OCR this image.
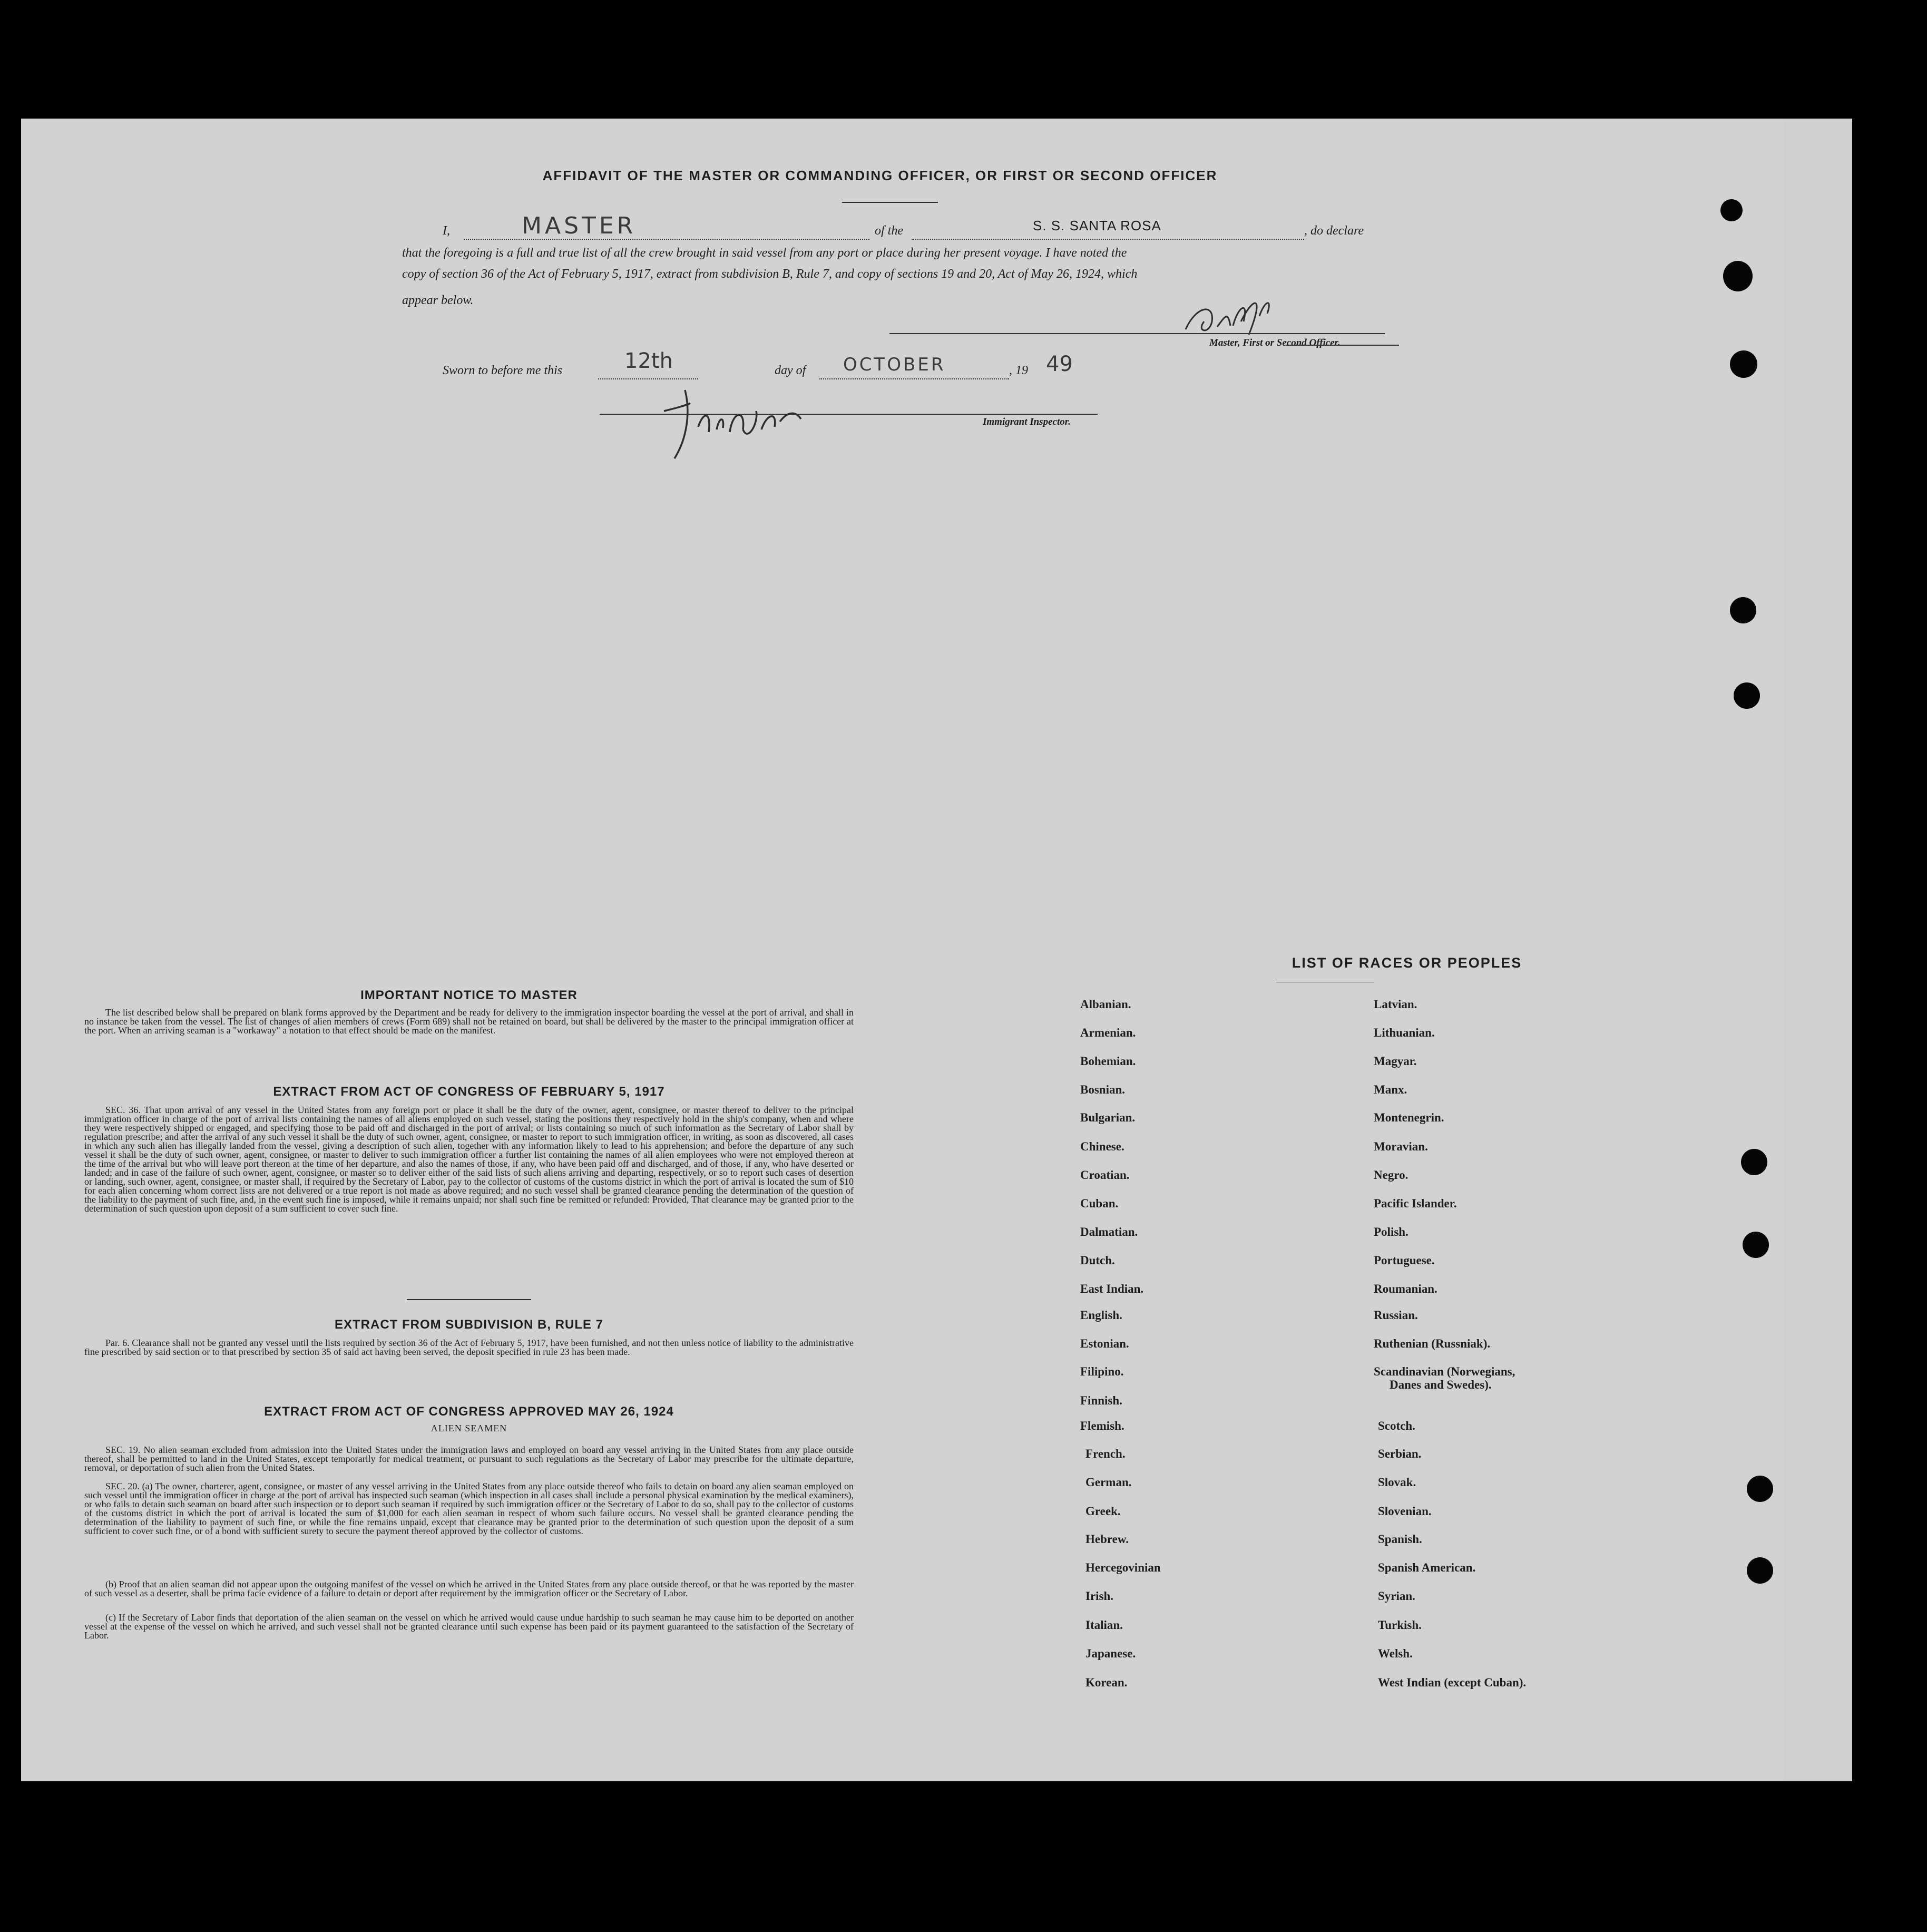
AFFIDAVIT OF THE MASTER OR COMMANDING OFFICER, OR FIRST OR SECOND OFFICER
I,	MASTER	of the	S. S. SANTA ROSA	, do declare
that the foregoing is a full and true list of all the crew brought in said vessel from any port or place during her present voyage. I have noted the
copy of section 36 of the Act of February 5, 1917, extract from subdivision B, Rule 7, and copy of sections 19 and 20, Act of May 26, 1924, which
appear below.
Master, First or Second Officer.
Sworn to before me this	12th	day of OCTOBER	, 19 49
Immigrant Inspector.
IMPORTANT NOTICE TO MASTER
The list described below shall be prepared on blank forms approved by the Department and be ready for delivery to the immigration inspector boarding the vessel at the port of arrival, and shall in no instance be taken from the vessel. The list of changes of alien members of crews (Form 689) shall not be retained on board, but shall be delivered by the master to the principal immigration officer at the port. When an arriving seaman is a "workaway" a notation to that effect should be made on the manifest.
EXTRACT FROM ACT OF CONGRESS OF FEBRUARY 5, 1917
SEC. 36. That upon arrival of any vessel in the United States from any foreign port or place it shall be the duty of the owner, agent, consignee, or master thereof to deliver to the principal immigration officer in charge of the port of arrival lists containing the names of all aliens employed on such vessel, stating the positions they respectively hold in the ship's company, when and where they were respectively shipped or engaged, and specifying those to be paid off and discharged in the port of arrival; or lists containing so much of such information as the Secretary of Labor shall by regulation prescribe; and after the arrival of any such vessel it shall be the duty of such owner, agent, consignee, or master to report to such immigration officer, in writing, as soon as discovered, all cases in which any such alien has illegally landed from the vessel, giving a description of such alien, together with any information likely to lead to his apprehension; and before the departure of any such vessel it shall be the duty of such owner, agent, consignee, or master to deliver to such immigration officer a further list containing the names of all alien employees who were not employed thereon at the time of the arrival but who will leave port thereon at the time of her departure, and also the names of those, if any, who have been paid off and discharged, and of those, if any, who have deserted or landed; and in case of the failure of such owner, agent, consignee, or master so to deliver either of the said lists of such aliens arriving and departing, respectively, or so to report such cases of desertion or landing, such owner, agent, consignee, or master shall, if required by the Secretary of Labor, pay to the collector of customs of the customs district in which the port of arrival is located the sum of $10 for each alien concerning whom correct lists are not delivered or a true report is not made as above required; and no such vessel shall be granted clearance pending the determination of the question of the liability to the payment of such fine, and, in the event such fine is imposed, while it remains unpaid; nor shall such fine be remitted or refunded: Provided, That clearance may be granted prior to the determination of such question upon deposit of a sum sufficient to cover such fine.
EXTRACT FROM SUBDIVISION B, RULE 7
Par. 6. Clearance shall not be granted any vessel until the lists required by section 36 of the Act of February 5, 1917, have been furnished, and not then unless notice of liability to the administrative fine prescribed by said section or to that prescribed by section 35 of said act having been served, the deposit specified in rule 23 has been made.
EXTRACT FROM ACT OF CONGRESS APPROVED MAY 26, 1924
ALIEN SEAMEN
SEC. 19. No alien seaman excluded from admission into the United States under the immigration laws and employed on board any vessel arriving in the United States from any place outside thereof, shall be permitted to land in the United States, except temporarily for medical treatment, or pursuant to such regulations as the Secretary of Labor may prescribe for the ultimate departure, removal, or deportation of such alien from the United States.
SEC. 20. (a) The owner, charterer, agent, consignee, or master of any vessel arriving in the United States from any place outside thereof who fails to detain on board any alien seaman employed on such vessel until the immigration officer in charge at the port of arrival has inspected such seaman (which inspection in all cases shall include a personal physical examination by the medical examiners), or who fails to detain such seaman on board after such inspection or to deport such seaman if required by such immigration officer or the Secretary of Labor to do so, shall pay to the collector of customs of the customs district in which the port of arrival is located the sum of $1,000 for each alien seaman in respect of whom such failure occurs. No vessel shall be granted clearance pending the determination of the liability to payment of such fine, or while the fine remains unpaid, except that clearance may be granted prior to the determination of such question upon the deposit of a sum sufficient to cover such fine, or of a bond with sufficient surety to secure the payment thereof approved by the collector of customs.
(b) Proof that an alien seaman did not appear upon the outgoing manifest of the vessel on which he arrived in the United States from any place outside thereof, or that he was reported by the master of such vessel as a deserter, shall be prima facie evidence of a failure to detain or deport after requirement by the immigration officer or the Secretary of Labor.
(c) If the Secretary of Labor finds that deportation of the alien seaman on the vessel on which he arrived would cause undue hardship to such seaman he may cause him to be deported on another vessel at the expense of the vessel on which he arrived, and such vessel shall not be granted clearance until such expense has been paid or its payment guaranteed to the satisfaction of the Secretary of Labor.
LIST OF RACES OR PEOPLES
Albanian.
Armenian.
Bohemian.
Bosnian.
Bulgarian.
Chinese.
Croatian.
Cuban.
Dalmatian.
Dutch.
East Indian.
English.
Estonian.
Filipino.
Finnish.
Flemish.
French.
German.
Greek.
Hebrew.
Hercegovinian
Irish.
Italian.
Japanese.
Korean.
Latvian.
Lithuanian.
Magyar.
Manx.
Montenegrin.
Moravian.
Negro.
Pacific Islander.
Polish.
Portuguese.
Roumanian.
Russian.
Ruthenian (Russniak).
Scandinavian (Norwegians,
Danes and Swedes).
Scotch.
Serbian.
Slovak.
Slovenian.
Spanish.
Spanish American.
Syrian.
Turkish.
Welsh.
West Indian (except Cuban).
